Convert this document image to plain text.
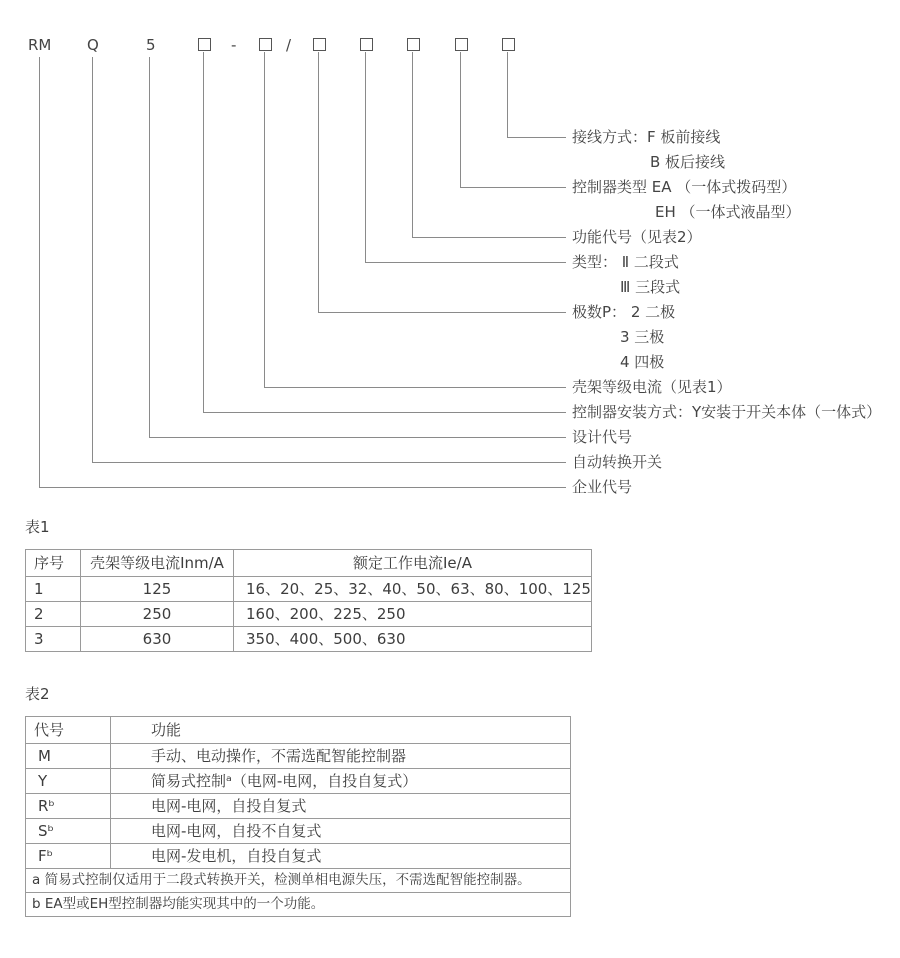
RM Q	5	-	/
接线方式：F 板前接线
B 板后接线
控制器类型 EA （一体式拨码型）
EH （一体式液晶型）
功能代号（见表2）
类型： Ⅱ 二段式
Ⅲ 三段式
极数P： 2 二极
3 三极
4 四极
壳架等级电流（见表1）
控制器安装方式：Y安装于开关本体（一体式）
设计代号
自动转换开关
企业代号
表1
序号	壳架等级电流Inm/A	额定工作电流Ie/A
1	125	16、20、25、32、40、50、63、80、100、125
2	250	160、200、225、250
3	630	350、400、500、630
表2
代号	功能
M	手动、电动操作，不需选配智能控制器
Y	简易式控制ᵃ（电网-电网，自投自复式）
Rᵇ	电网-电网，自投自复式
Sᵇ	电网-电网，自投不自复式
Fᵇ	电网-发电机，自投自复式
a 简易式控制仅适用于二段式转换开关，检测单相电源失压，不需选配智能控制器。	
b EA型或EH型控制器均能实现其中的一个功能。	
